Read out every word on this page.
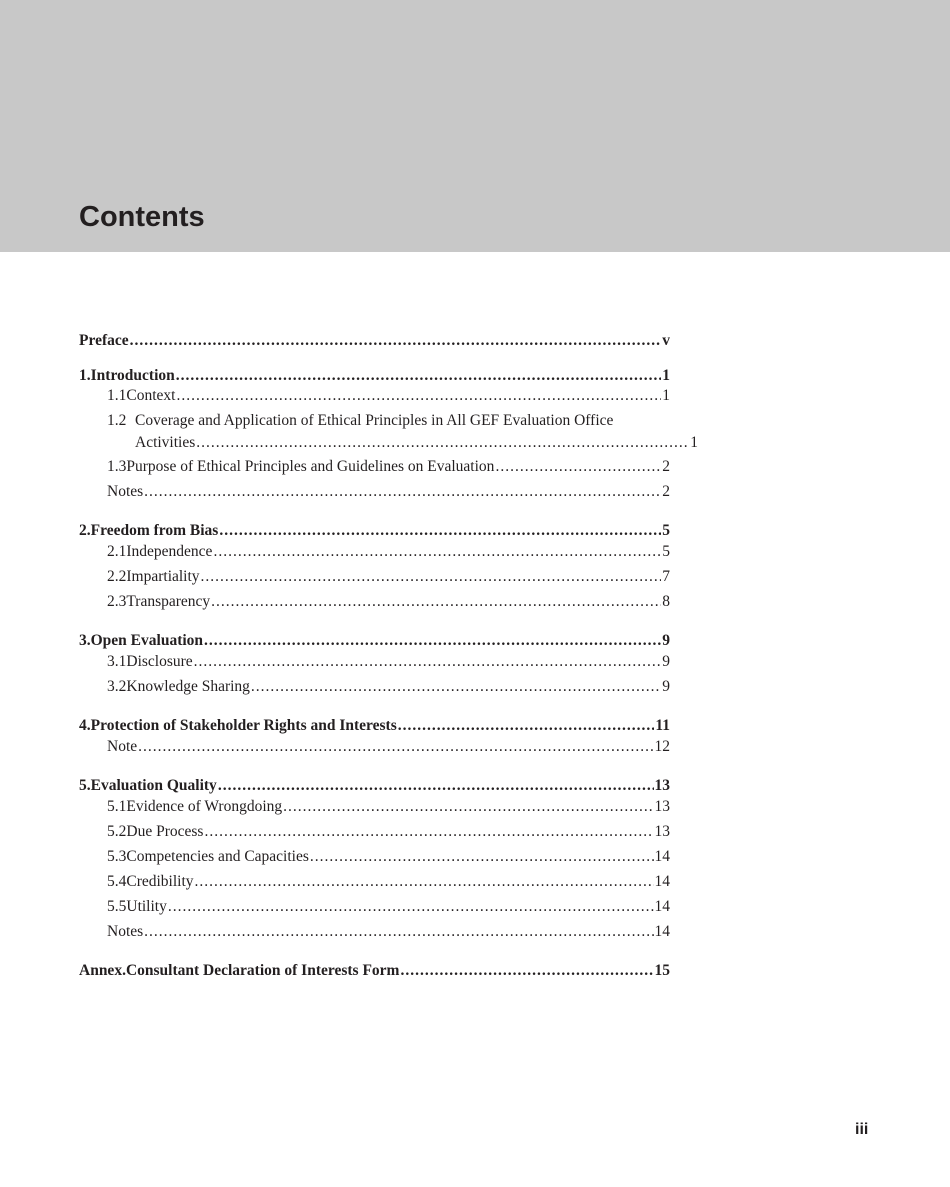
Contents
Preface .....	v
1. Introduction .....	1
1.1 Context .....	1
1.2 Coverage and Application of Ethical Principles in All GEF Evaluation Office
Activities .....	1
1.3 Purpose of Ethical Principles and Guidelines on Evaluation .....	2
Notes .....	2
2. Freedom from Bias .....	5
2.1 Independence .....	5
2.2 Impartiality .....	7
2.3 Transparency .....	8
3. Open Evaluation .....	9
3.1 Disclosure .....	9
3.2 Knowledge Sharing .....	9
4. Protection of Stakeholder Rights and Interests .....	11
Note .....	12
5. Evaluation Quality .....	13
5.1 Evidence of Wrongdoing .....	13
5.2 Due Process .....	13
5.3 Competencies and Capacities .....	14
5.4 Credibility .....	14
5.5 Utility .....	14
Notes .....	14
Annex. Consultant Declaration of Interests Form .....	15
iii
